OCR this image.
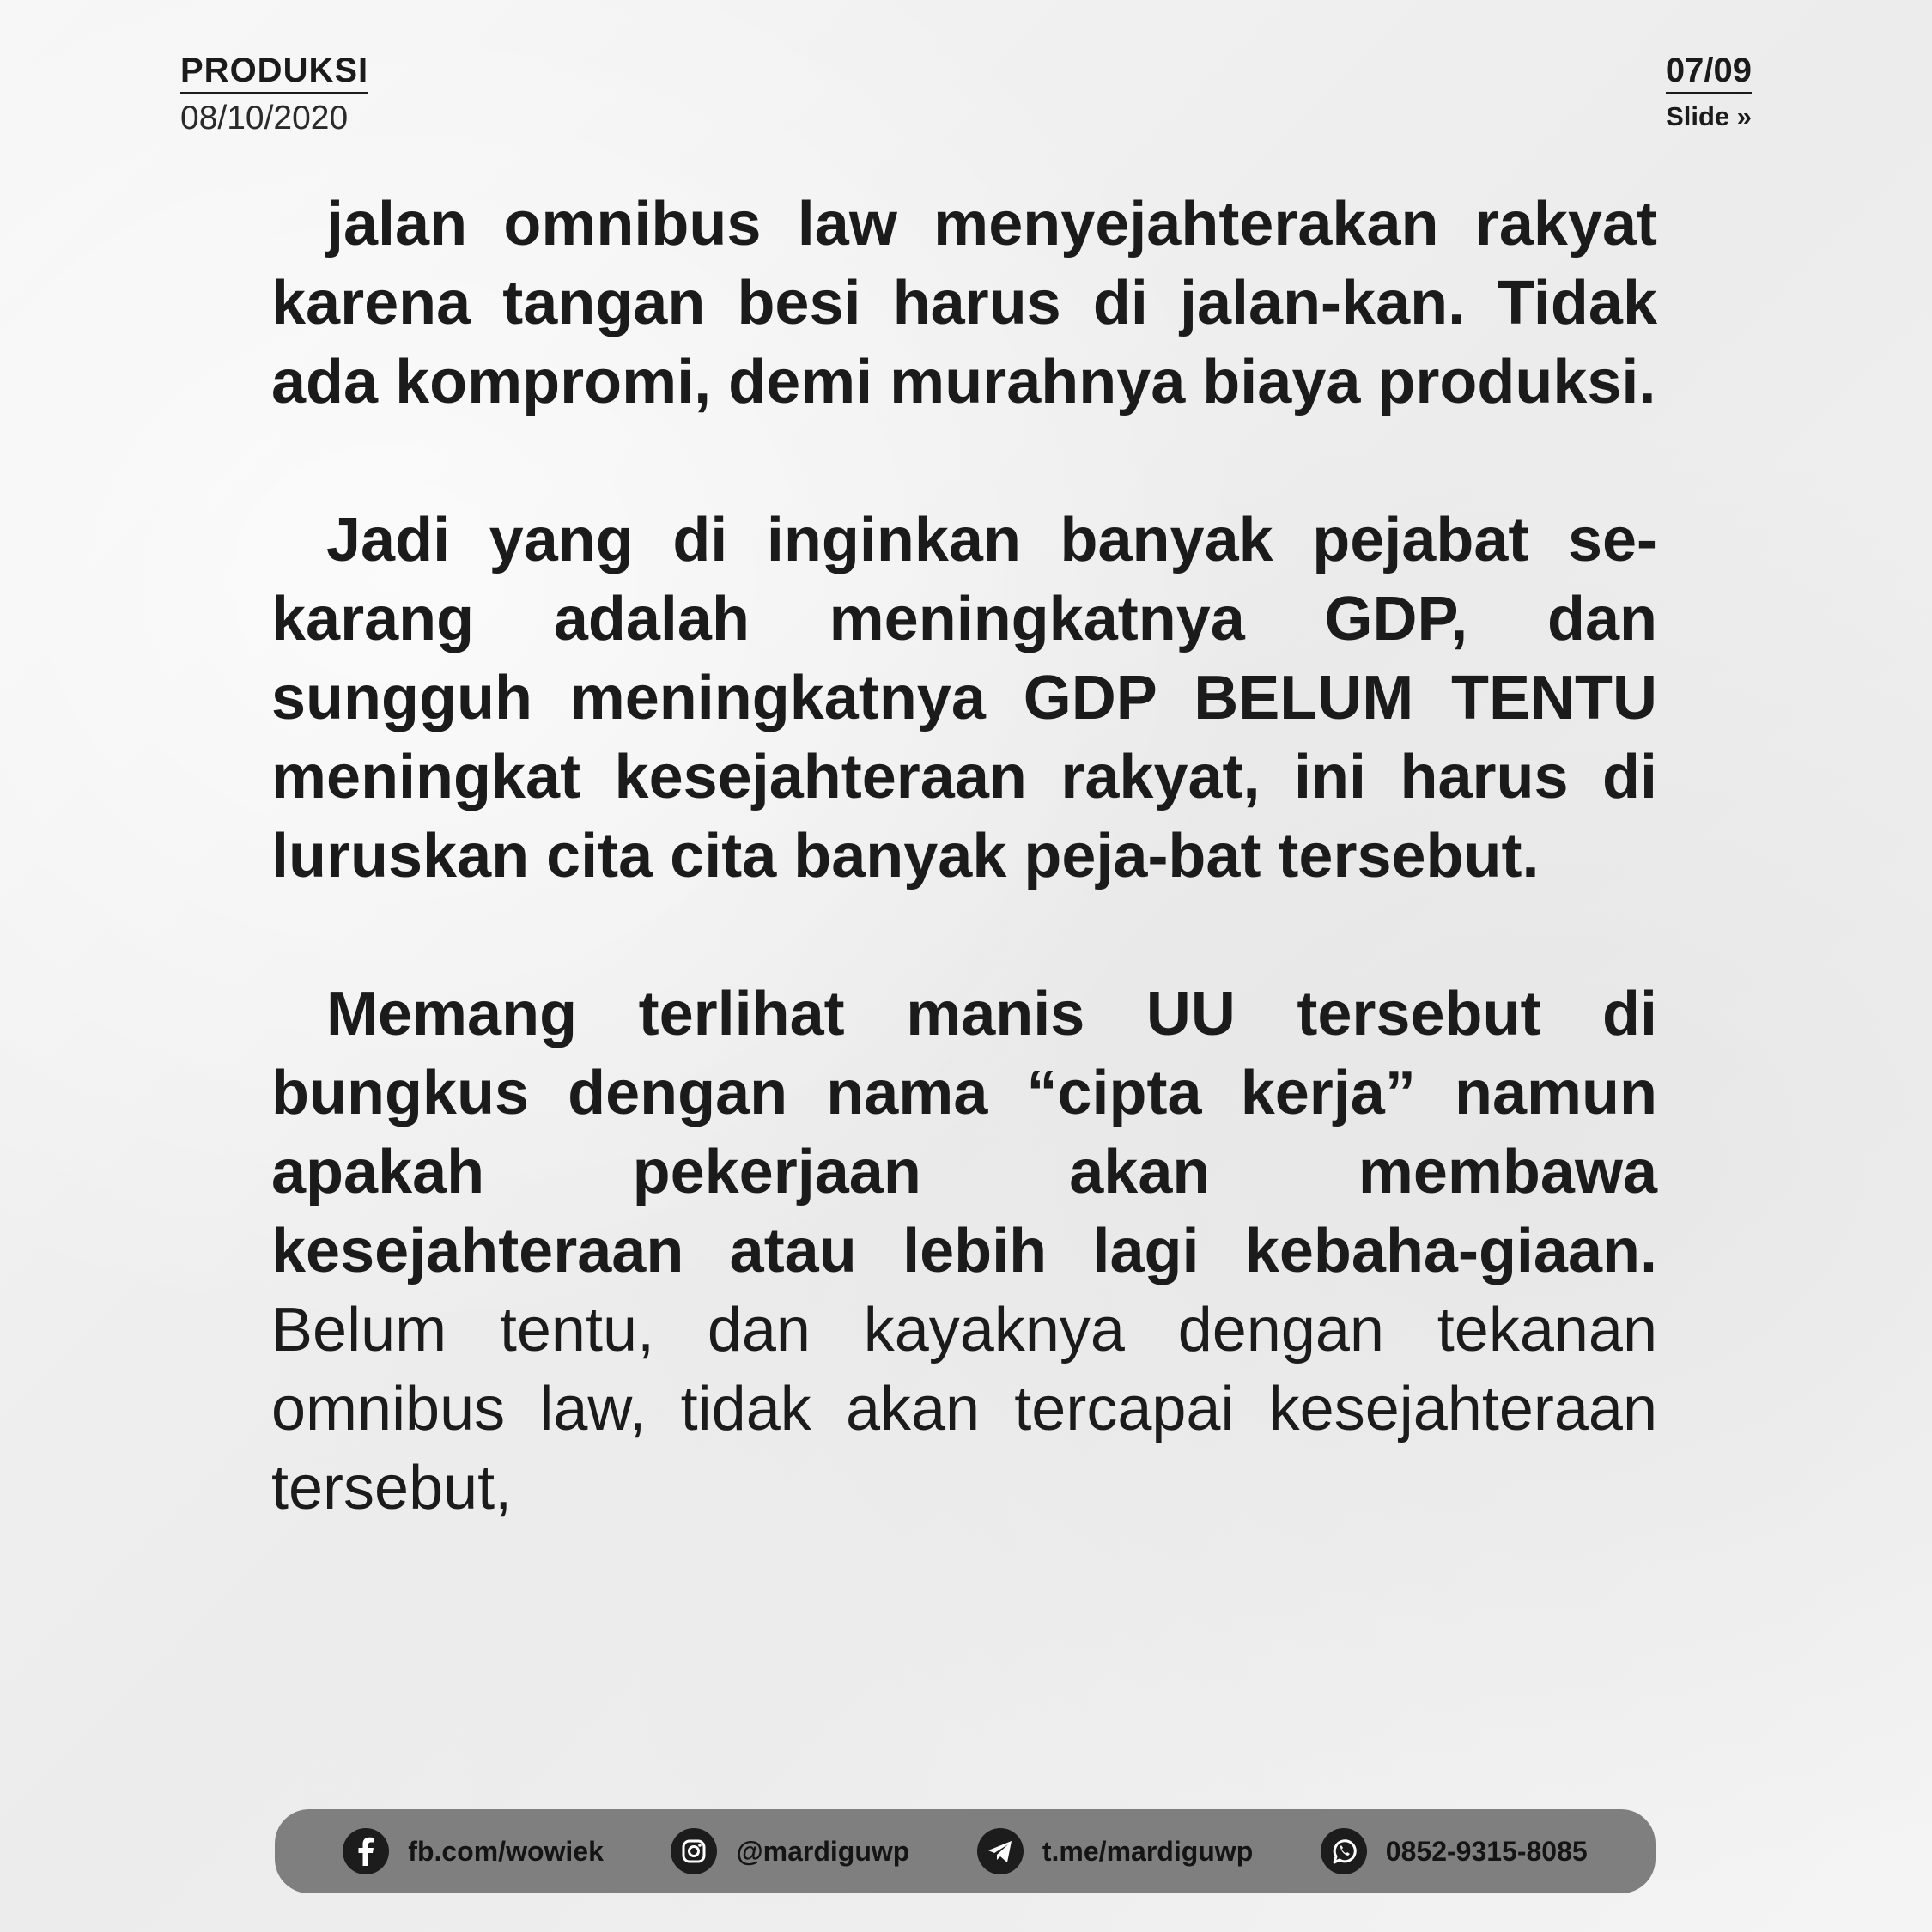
PRODUKSI
08/10/2020
07/09
Slide »

jalan omnibus law menyejahterakan rakyat karena tangan besi harus di jalan-kan. Tidak ada kompromi, demi murahnya biaya produksi.

Jadi yang di inginkan banyak pejabat se-karang adalah meningkatnya GDP, dan sungguh meningkatnya GDP BELUM TENTU meningkat kesejahteraan rakyat, ini harus di luruskan cita cita banyak peja-bat tersebut.

Memang terlihat manis UU tersebut di bungkus dengan nama “cipta kerja” namun apakah pekerjaan akan membawa kesejahteraan atau lebih lagi kebaha-giaan. Belum tentu, dan kayaknya dengan tekanan omnibus law, tidak akan tercapai kesejahteraan tersebut,

fb.com/wowiek	@mardiguwp	t.me/mardiguwp	0852-9315-8085
